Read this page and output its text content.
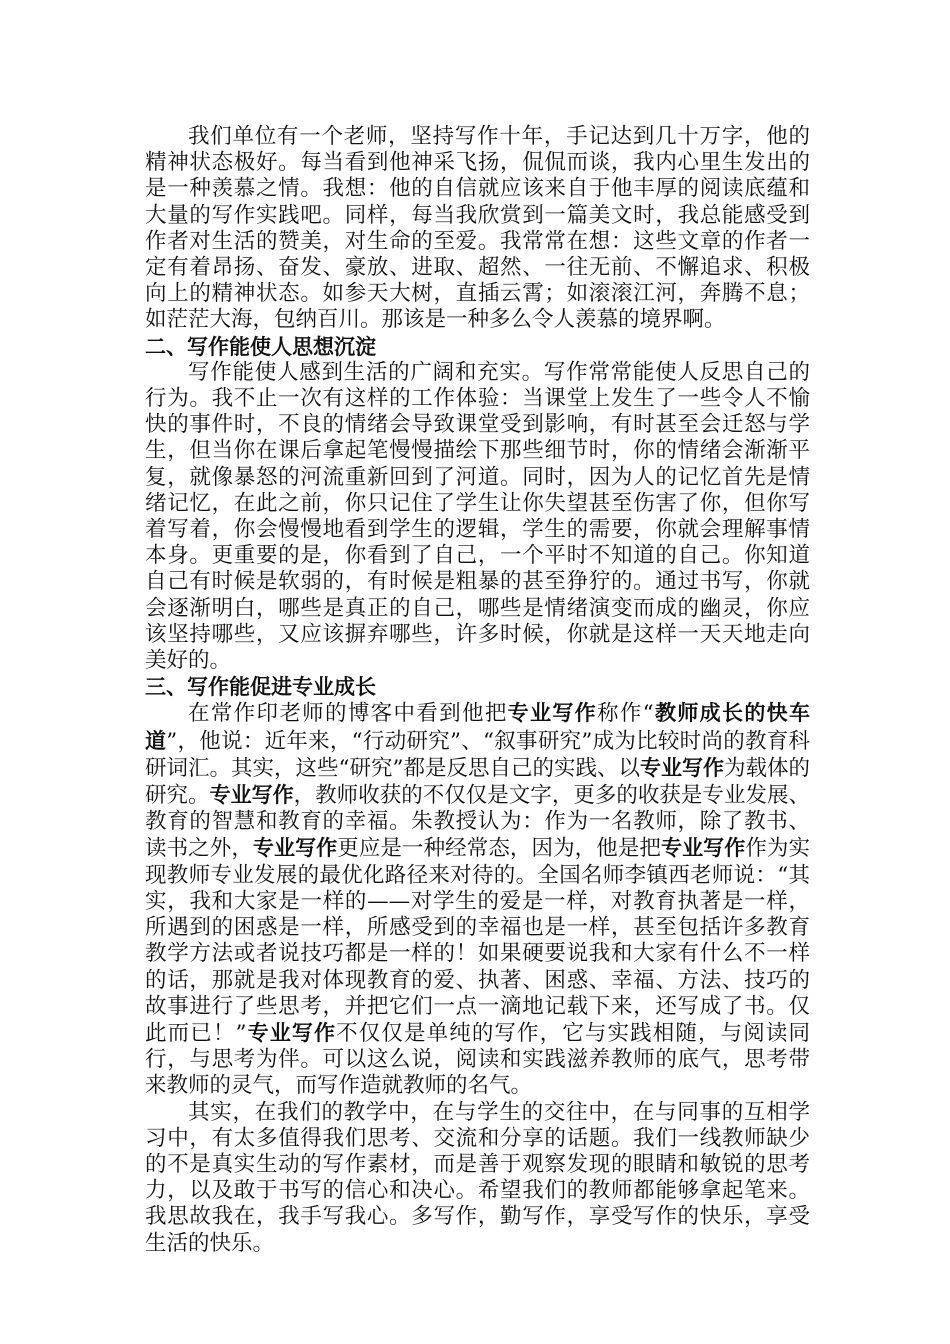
我们单位有一个老师，坚持写作十年，手记达到几十万字，他的精神状态极好。每当看到他神采飞扬，侃侃而谈，我内心里生发出的是一种羡慕之情。我想：他的自信就应该来自于他丰厚的阅读底蕴和大量的写作实践吧。同样，每当我欣赏到一篇美文时，我总能感受到作者对生活的赞美，对生命的至爱。我常常在想：这些文章的作者一定有着昂扬、奋发、豪放、进取、超然、一往无前、不懈追求、积极向上的精神状态。如参天大树，直插云霄；如滚滚江河，奔腾不息；如茫茫大海，包纳百川。那该是一种多么令人羡慕的境界啊。

二、写作能使人思想沉淀

写作能使人感到生活的广阔和充实。写作常常能使人反思自己的行为。我不止一次有这样的工作体验：当课堂上发生了一些令人不愉快的事件时，不良的情绪会导致课堂受到影响，有时甚至会迁怒与学生，但当你在课后拿起笔慢慢描绘下那些细节时，你的情绪会渐渐平复，就像暴怒的河流重新回到了河道。同时，因为人的记忆首先是情绪记忆，在此之前，你只记住了学生让你失望甚至伤害了你，但你写着写着，你会慢慢地看到学生的逻辑，学生的需要，你就会理解事情本身。更重要的是，你看到了自己，一个平时不知道的自己。你知道自己有时候是软弱的，有时候是粗暴的甚至狰狞的。通过书写，你就会逐渐明白，哪些是真正的自己，哪些是情绪演变而成的幽灵，你应该坚持哪些，又应该摒弃哪些，许多时候，你就是这样一天天地走向美好的。

三、写作能促进专业成长

在常作印老师的博客中看到他把专业写作称作“教师成长的快车道”，他说：近年来，“行动研究”、“叙事研究”成为比较时尚的教育科研词汇。其实，这些“研究”都是反思自己的实践、以专业写作为载体的研究。专业写作，教师收获的不仅仅是文字，更多的收获是专业发展、教育的智慧和教育的幸福。朱教授认为：作为一名教师，除了教书、读书之外，专业写作更应是一种经常态，因为，他是把专业写作作为实现教师专业发展的最优化路径来对待的。全国名师李镇西老师说：“其实，我和大家是一样的——对学生的爱是一样，对教育执著是一样，所遇到的困惑是一样，所感受到的幸福也是一样，甚至包括许多教育教学方法或者说技巧都是一样的！如果硬要说我和大家有什么不一样的话，那就是我对体现教育的爱、执著、困惑、幸福、方法、技巧的故事进行了些思考，并把它们一点一滴地记载下来，还写成了书。仅此而已！”专业写作不仅仅是单纯的写作，它与实践相随，与阅读同行，与思考为伴。可以这么说，阅读和实践滋养教师的底气，思考带来教师的灵气，而写作造就教师的名气。

其实，在我们的教学中，在与学生的交往中，在与同事的互相学习中，有太多值得我们思考、交流和分享的话题。我们一线教师缺少的不是真实生动的写作素材，而是善于观察发现的眼睛和敏锐的思考力，以及敢于书写的信心和决心。希望我们的教师都能够拿起笔来。我思故我在，我手写我心。多写作，勤写作，享受写作的快乐，享受生活的快乐。
